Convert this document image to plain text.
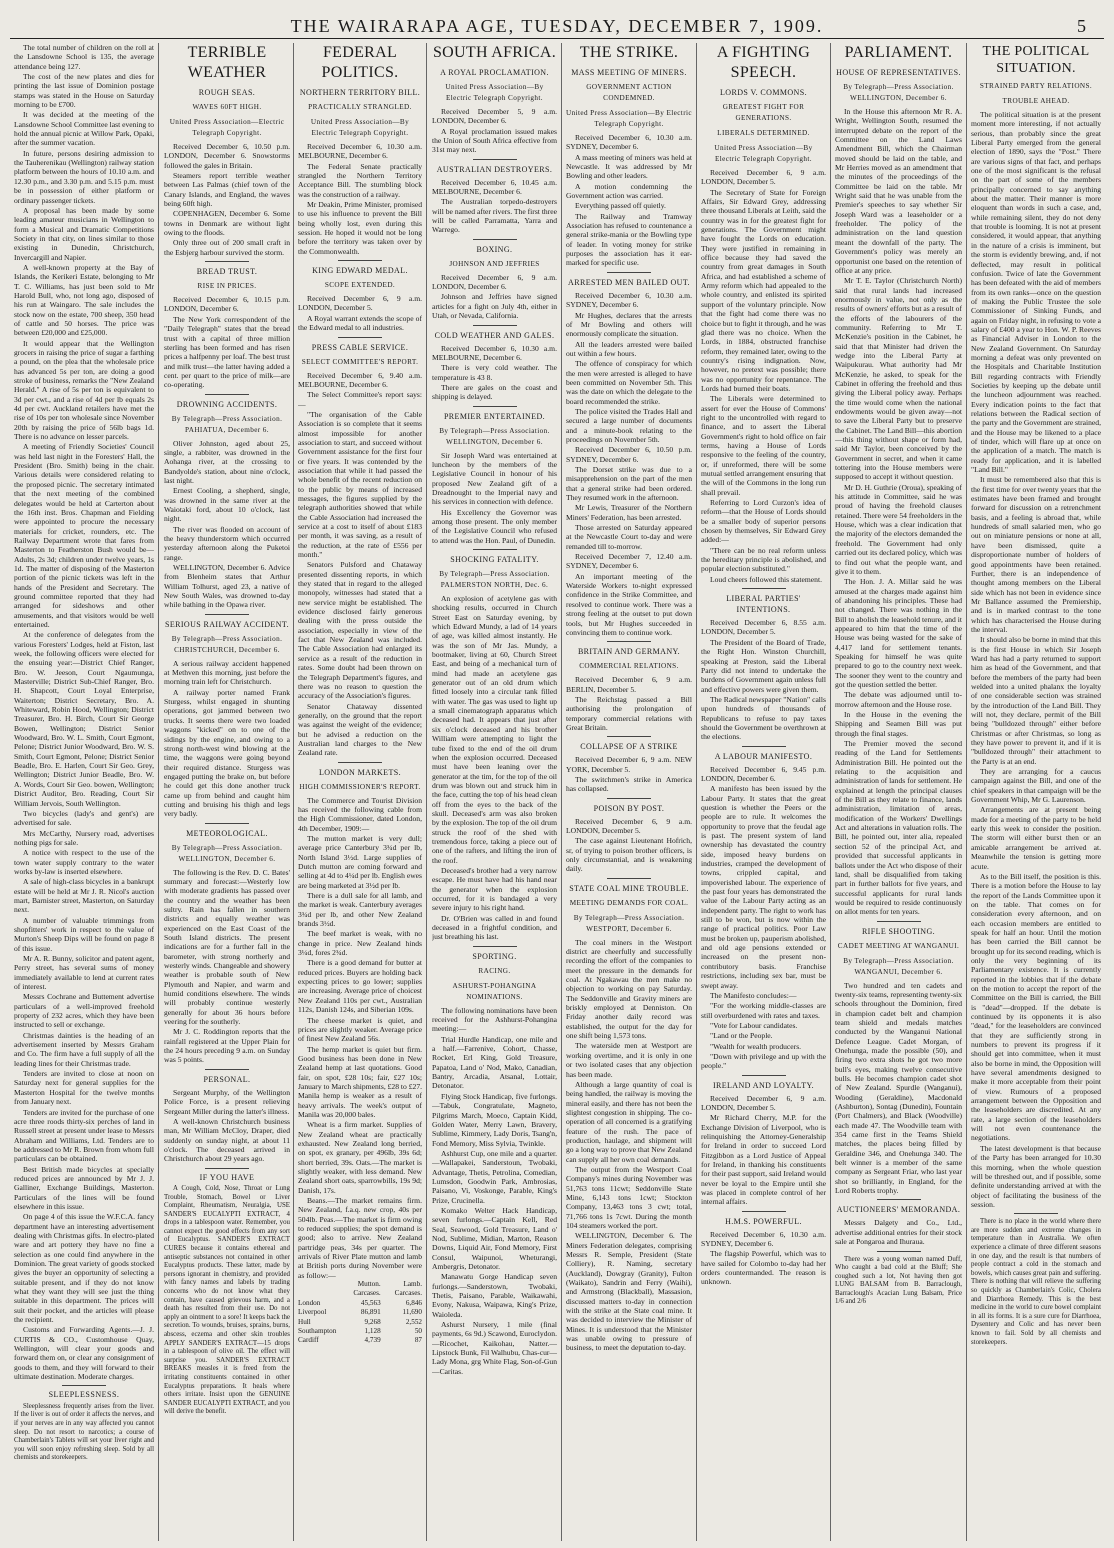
THE WAIRARAPA AGE, TUESDAY, DECEMBER 7, 1909.	5

The total number of children on the roll at the Lansdowne School is 135, the average attendance being 127.

The cost of the new plates and dies for printing the last issue of Dominion postage stamps was stated in the House on Saturday morning to be £700.

It was decided at the meeting of the Lansdowne School Committee last evening to hold the annual picnic at Willow Park, Opaki, after the summer vacation.

In future, persons desiring admission to the Tauherenikau (Wellington) railway station platform between the hours of 10.10 a.m. and 12.30 p.m., and 3.30 p.m. and 5.15 p.m. must be in possession of either platform or ordinary passenger tickets.

A proposal has been made by some leading amateur musicians in Wellington to form a Musical and Dramatic Competitions Society in that city, on lines similar to those existing in Dunedin, Christchurch, Invercargill and Napier.

A well-known property at the Bay of Islands, the Kerikeri Estate, belonging to Mr T. C. Williams, has just been sold to Mr Harold Bull, who, not long ago, disposed of his run at Waingaro. The sale includes the stock now on the estate, 700 sheep, 350 head of cattle and 50 horses. The price was between £20,000 and £25,000.

It would appear that the Wellington grocers in raising the price of sugar a farthing a pound, on the plea that the wholesale price has advanced 5s per ton, are doing a good stroke of business, remarks the "New Zealand Herald." A rise of 5s per ton is equivalent to 3d per cwt., and a rise of 4d per lb equals 2s 4d per cwt. Auckland retailers have met the rise of 10s per ton wholesale since November 20th by raising the price of 56lb bags 1d. There is no advance on lesser parcels.

A meeting of Friendly Societies' Council was held last night in the Foresters' Hall, the President (Bro. Smith) being in the chair. Various details were considered relating to the proposed picnic. The secretary intimated that the next meeting of the combined delegates would be held at Carterton about the 16th inst. Bros. Chapman and Fielding were appointed to procure the necessary materials for cricket, rounders, etc. The Railway Department wrote that fares from Masterton to Featherston Bush would be—Adults, 2s 3d; children under twelve years, 1s 1d. The matter of disposing of the Masterton portion of the picnic tickets was left in the hands of the President and Secretary. The ground committee reported that they had arranged for sideshows and other amusements, and that visitors would be well entertained.

At the conference of delegates from the various Foresters' Lodges, held at Fiston, last week, the following officers were elected for the ensuing year:—District Chief Ranger, Bro. W. Jeeson, Court Ngaumunga, Masterville; District Sub-Chief Ranger, Bro. H. Shapcott, Court Loyal Enterprise, Waiterton; District Secretary, Bro. A. Whiteward, Robin Hood, Wellington; District Treasurer, Bro. H. Birch, Court Sir George Bowen, Wellington; District Senior Woodward, Bro. W. L. Smith, Court Egmont, Pelone; District Junior Woodward, Bro. W. S. Smith, Court Egmont, Pelone; District Senior Beadle, Bro. E. Harlen, Court Sir Geo. Grey, Wellington; District Junior Beadle, Bro. W. A. Words, Court Sir Geo. bowen, Wellington; District Auditor, Bro. Reading, Court Sir William Jervois, South Wellington.

Two bicycles (lady's and gent's) are advertised for sale.

Mrs McCarthy, Nursery road, advertises nothing pigs for sale.

A notice with respect to the use of the town water supply contrary to the water works by-law is inserted elsewhere.

A sale of high-class bicycles in a bankrupt estate will be held at Mr J. R. Nicol's auction mart, Barnister street, Masterton, on Saturday next.

A number of valuable trimmings from shopfitters' work in respect to the value of Murton's Sheep Dips will be found on page 8 of this issue.

Mr A. R. Bunny, solicitor and patent agent, Perry street, has several sums of money immediately available to lend at current rates of interest.

Messrs Cochrane and Buttement advertise particulars of a well-improved freehold property of 232 acres, which they have been instructed to sell or exchange.

Christmas dainties is the heading of an advertisement inserted by Messrs Graham and Co. The firm have a full supply of all the leading lines for their Christmas trade.

Tenders are invited to close at noon on Saturday next for general supplies for the Masterton Hospital for the twelve months from January next.

Tenders are invited for the purchase of one acre three roods thirty-six perches of land in Russell street at present under lease to Messrs Abraham and Williams, Ltd. Tenders are to be addressed to Mr R. Brown from whom full particulars can be obtained.

Best British made bicycles at specially reduced prices are announced by Mr J. J. Galliner, Exchange Buildings, Masterton. Particulars of the lines will be found elsewhere in this issue.

On page 4 of this issue the W.F.C.A. fancy department have an interesting advertisement dealing with Christmas gifts. In electro-plated ware and art pottery they have no fine a selection as one could find anywhere in the Dominion. The great variety of goods stocked gives the buyer an opportunity of selecting a suitable present, and if they do not know what they want they will see just the thing suitable in this department. The prices will suit their pocket, and the articles will please the recipient.

Customs and Forwarding Agents.—J. J. CURTIS & CO., Customhouse Quay, Wellington, will clear your goods and forward them on, or clear any consignment of goods to them, and they will forward to their ultimate destination. Moderate charges.

SLEEPLESSNESS.

Sleeplessness frequently arises from the liver. If the liver is out of order it affects the nerves, and if your nerves are in any way affected you cannot sleep. Do not resort to narcotics; a course of Chamberlain's Tablets will set your liver right and you will soon enjoy refreshing sleep. Sold by all chemists and storekeepers.

TERRIBLE WEATHER
ROUGH SEAS.
WAVES 60FT HIGH.
United Press Association—Electric Telegraph Copyright.

Received December 6, 10.50 p.m. LONDON, December 6. Snowstorms followed the gales in Britain.

Steamers report terrible weather between Las Palmas (chief town of the Canary Islands, and England, the waves being 60ft high.

COPENHAGEN, December 6. Some towns in Denmark are without light owing to the floods.

Only three out of 200 small craft in the Esbjerg harbour survived the storm.

BREAD TRUST.
RISE IN PRICES.

Received December 6, 10.15 p.m. LONDON, December 6.

The New York correspondent of the "Daily Telegraph" states that the bread trust with a capital of three million sterling has been formed and has risen prices a halfpenny per loaf. The best trust and milk trust—the latter having added a cent. per quart to the price of milk—are co-operating.

DROWNING ACCIDENTS.
By Telegraph—Press Association. PAHIATUA, December 6.

Oliver Johnston, aged about 25, single, a rabbiter, was drowned in the Aohanga river, at the crossing to Bandyolde's station, about nine o'clock, last night.

Ernest Cooling, a shepherd, single, was drowned in the same river at the Waiotaki ford, about 10 o'clock, last night.

The river was flooded on account of the heavy thunderstorm which occurred yesterday afternoon along the Puketoi range.

WELLINGTON, December 6. Advice from Blenheim states that Arthur William Tolhurst, aged 23, a native of New South Wales, was drowned to-day while bathing in the Opawa river.

SERIOUS RAILWAY ACCIDENT.
By Telegraph—Press Association. CHRISTCHURCH, December 6.

A serious railway accident happened at Methven this morning, just before the morning train left for Christchurch.

A railway porter named Frank Sturgess, whilst engaged in shunting operations, got jammed between two trucks. It seems there were two loaded waggons "kicked" on to one of the sidings by the engine, and owing to a strong north-west wind blowing at the time, the waggons were going beyond their required distance. Sturgess was engaged putting the brake on, but before he could get this done another truck came up from behind and caught him cutting and bruising his thigh and legs very badly.

METEOROLOGICAL.
By Telegraph—Press Association. WELLINGTON, December 6.

The following is the Rev. D. C. Bates' summary and forecast:—Westerly low with moderate gradients has passed over the country and the weather has been sultry. Rain has fallen in southern districts and equally weather was experienced on the East Coast of the South Island districts. The present indications are for a further fall in the barometer, with strong northerly and westerly winds. Changeable and showery weather is probable south of New Plymouth and Napier, and warm and humid conditions elsewhere. The winds will probably continue westerly generally for about 36 hours before veering for the southerly.

Mr J. C. Roddington reports that the rainfall registered at the Upper Plain for the 24 hours preceding 9 a.m. on Sunday was 5 points.

PERSONAL.

Sergeant Murphy, of the Wellington Police Force, is a present relieving Sergeant Miller during the latter's illness.

A well-known Christchurch business man, Mr William McCloy, Draper, died suddenly on sunday night, at about 11 o'clock. The deceased arrived in Christchurch about 29 years ago.

IF YOU HAVE

A Cough, Cold, Nose, Throat or Lung Trouble, Stomach, Bowel or Liver Complaint, Rheumatism, Neuralgia, USE SANDER'S EUCALYPTI EXTRACT, 4 drops in a tablespoon water. Remember, you cannot expect the good effects from any sort of Eucalyptus. SANDER'S EXTRACT CURES because it contains ethereal and antiseptic substances not contained in other Eucalyptus products. These latter, made by persons ignorant in chemistry, and provided with fancy names and labels by trading concerns who do not know what they contain, have caused grievous harm, and a death has resulted from their use. Do not apply an ointment to a sore! It keeps back the secretion. To wounds, bruises, sprains, burns, abscess, eczema and other skin troubles APPLY SANDER'S EXTRACT—15 drops in a tablespoon of olive oil. The effect will surprise you. SANDER'S EXTRACT BREAKS measles it is freed from the irritating constituents contained in other Eucalyptus preparations. It heals where others irritate. Insist upon the GENUINE SANDER EUCALYPTI EXTRACT, and you will derive the benefit.

FEDERAL POLITICS.
NORTHERN TERRITORY BILL.
PRACTICALLY STRANGLED.
United Press Association—By Electric Telegraph Copyright.

Received December 6, 10.30 a.m. MELBOURNE, December 6.

The Federal Senate practically strangled the Northern Territory Acceptance Bill. The stumbling block was the construction of a railway.

Mr Deakin, Prime Minister, promised to use his influence to prevent the Bill being wholly lost, even during this session. He hoped it would not be long before the territory was taken over by the Commonwealth.

KING EDWARD MEDAL.
SCOPE EXTENDED.

Received December 6, 9 a.m. LONDON, December 5.

A Royal warrant extends the scope of the Edward medal to all industries.

PRESS CABLE SERVICE.
SELECT COMMITTEE'S REPORT.

Received December 6, 9.40 a.m. MELBOURNE, December 6.

The Select Committee's report says:—

"The organisation of the Cable Association is so complete that it seems almost impossible for another association to start, and succeed without Government assistance for the first four or five years. It was contended by the association that while it had passed the whole benefit of the recent reduction on to the public by means of increased messages, the figures supplied by the telegraph authorities showed that while the Cable Association had increased the service at a cost to itself of about £183 per month, it was saving, as a result of the reduction, at the rate of £556 per month."

Senators Pulsford and Chataway presented dissenting reports, in which they stated that in regard to the alleged monopoly, witnesses had stated that a new service might be established. The evidence disclosed fairly generous dealing with the press outside the association, especially in view of the fact that New Zealand was included. The Cable Association had enlarged its service as a result of the reduction in rates. Some doubt had been thrown on the Telegraph Department's figures, and there was no reason to question the accuracy of the Association's figures.

Senator Chataway dissented generally, on the ground that the report was against the weight of the evidence; but he advised a reduction on the Australian land charges to the New Zealand rate.

LONDON MARKETS.
HIGH COMMISSIONER'S REPORT.

The Commerce and Tourist Division has received the following cable from the High Commissioner, dated London, 4th December, 1909:—

The mutton market is very dull; average price Canterbury 3¾d per lb, North Island 3½d. Large supplies of Dutch mutton are coming forward and selling at 4d to 4¼d per lb. English ewes are being marketed at 3½d per lb.

There is a dull sale for all lamb, and the market is weak. Canterbury averages 3¾d per lb, and other New Zealand brands 3½d.

The beef market is weak, with no change in price. New Zealand hinds 3¼d, fores 2¾d.

There is a good demand for butter at reduced prices. Buyers are holding back expecting prices to go lower; supplies are increasing. Average price of choicest New Zealand 110s per cwt., Australian 112s, Danish 124s, and Siberian 109s.

The cheese market is quiet, and prices are slightly weaker. Average price of finest New Zealand 56s.

The hemp market is quiet but firm. Good business has been done in New Zealand hemp at last quotations. Good fair, on spot, £28 10s; fair, £27 10s; January to March shipments, £28 to £27. Manila hemp is weaker as a result of heavy arrivals. The week's output of Manila was 20,000 bales.

Wheat is a firm market. Supplies of New Zealand wheat are practically exhausted. New Zealand long berried, on spot, ex granary, per 496lb, 39s 6d; short berried, 39s. Oats.—The market is slightly weaker, with less demand. New Zealand short oats, sparrowbills, 19s 9d; Danish, 17s.

Beans.—The market remains firm. New Zealand, f.a.q. new crop, 40s per 504lb. Peas.—The market is firm owing to reduced supplies; the spot demand is good; also to arrive. New Zealand partridge peas, 34s per quarter. The arrivals of River Plate mutton and lamb at British ports during November were as follow:—

	Mutton. Carcases.	Lamb. Carcases.
London	45,563	6,846
Liverpool	86,891	11,690
Hull	9,268	2,552
Southampton	1,128	50
Cardiff	4,739	87
SOUTH AFRICA.
A ROYAL PROCLAMATION.
United Press Association—By Electric Telegraph Copyright.

Received December 5, 9 a.m. LONDON, December 6.

A Royal proclamation issued makes the Union of South Africa effective from 31st may next.

AUSTRALIAN DESTROYERS.

Received December 6, 10.45 a.m. MELBOURNE, December 6.

The Australian torpedo-destroyers will be named after rivers. The first three will be called Parramatta, Yarra and Warrego.

BOXING.
JOHNSON AND JEFFRIES

Received December 6, 9 a.m. LONDON, December 6.

Johnson and Jeffries have signed articles for a fight on July 4th, either in Utah, or Nevada, California.

COLD WEATHER AND GALES.

Received December 6, 10.30 a.m. MELBOURNE, December 6.

There is very cold weather. The temperature is 43 8.

There are gales on the coast and shipping is delayed.

PREMIER ENTERTAINED.
By Telegraph—Press Association. WELLINGTON, December 6.

Sir Joseph Ward was entertained at luncheon by the members of the Legislative Council in honour of his proposed New Zealand gift of a Dreadnought to the Imperial navy and his services in connection with defence.

His Excellency the Governor was among those present. The only member of the Legislative Council who refused to attend was the Hon. Paul, of Dunedin.

SHOCKING FATALITY.
By Telegraph—Press Association. PALMERSTON NORTH, Dec. 6.

An explosion of acetylene gas with shocking results, occurred in Church Street East on Saturday evening, by which Edward Mundy, a lad of 14 years of age, was killed almost instantly. He was the son of Mr Jas. Mundy, a bootmaker, living at 60, Church Street East, and being of a mechanical turn of mind had made an acetylene gas generator out of an old drum which fitted loosely into a circular tank filled with water. The gas was used to light up a small cinematograph apparatus which deceased had. It appears that just after six o'clock deceased and his brother William were attempting to light the tube fixed to the end of the oil drum when the explosion occurred. Deceased must have been leaning over the generator at the tim, for the top of the oil drum was blown out and struck him in the face, cutting the top of his head clean off from the eyes to the back of the skull. Deceased's arm was also broken by the explosion. The top of the oil drum struck the roof of the shed with tremendous force, taking a piece out of one of the rafters, and lifting the iron of the roof.

Deceased's brother had a very narrow escape. He must have had his hand near the generator when the explosion occurred, for it is bandaged a very severe injury to his right hand.

Dr. O'Brien was called in and found deceased in a frightful condition, and just breathing his last.

SPORTING.
RACING.
ASHURST-POHANGINA NOMINATIONS.

The following nominations have been received for the Ashhurst-Pohangina meeting:—

Trial Hurdle Handicap, one mile and a half.—Farrenive, Cohort, Chasse, Rocket, Erl King, Gold Treasure, Papatoa, Land o' Nod, Mako, Canadian, Bantry, Arcadia, Atsanal, Lottair, Detonator.

Flying Stock Handicap, five furlongs.—Tabuk, Congratulate, Magneto, Pilgrims March, Moeco, Captain Kidd, Golden Water, Merry Lawn, Bravery, Sublime, Kimmery, Lady Doris, Tsang'n, Fond Memory, Miss Sylvia, Twinkle.

Ashhurst Cup, one mile and a quarter.—Wallapakei, Sanderstoun, Twobaki, Advantage, Thetis, Petrolina, Comedian, Lumsdon, Goodwin Park, Ambrosias, Paisano, Vi, Voskonge, Parable, King's Prize, Crucinella.

Komako Welter Hack Handicap, seven furlongs.—Captain Kell, Red Seal, Seawood, Gold Treasure, Land o' Nod, Sublime, Midian, Marton, Reason Downs, Liquid Air, Fond Memory, First Consul, Waipunoi, Wheturangi, Ambergris, Detonator.

Manawatu Gorge Handicap seven furlongs.—Sanderstown, Twobaki, Thetis, Paisano, Parable, Waikawahi, Evony, Nakusa, Waipawa, King's Prize, Waioleda.

Ashurst Nursery, 1 mile (final payments, 6s 9d.) Scawond, Euroclydon.—Ricochet, Kaikohau, Natter.—Lipstock Bunk, Fil Walhubu, Chas-cur—Lady Mona, grg White Flag, Son-of-Gun—Caritas.

THE STRIKE.
MASS MEETING OF MINERS.
GOVERNMENT ACTION CONDEMNED.
United Press Association—By Electric Telegraph Copyright.

Received December 6, 10.30 a.m. SYDNEY, December 6.

A mass meeting of miners was held at Newcastle. It was addressed by Mr Bowling and other leaders.

A motion condemning the Government action was carried.

Everything passed off quietly.

The Railway and Tramway Association has refused to countenance a general strike-mania or the Bowling type of leader. In voting money for strike purposes the association has it ear-marked for specific use.

ARRESTED MEN BAILED OUT.

Received December 6, 10.30 a.m. SYDNEY, December 6.

Mr Hughes, declares that the arrests of Mr Bowling and others will enormously complicate the situation.

All the leaders arrested were bailed out within a few hours.

The offence of conspiracy for which the men were arrested is alleged to have been committed on November 5th. This was the date on which the delegate to the board recommended the strike.

The police visited the Trades Hall and secured a large number of documents and a minute-book relating to the proceedings on November 5th.

Received December 6, 10.50 p.m. SYDNEY, December 6.

The Dorset strike was due to a misapprehension on the part of the men that a general strike had been ordered. They resumed work in the afternoon.

Mr Lewis, Treasurer of the Northern Miners' Federation, has been arrested.

Those arrested on Saturday appeared at the Newcastle Court to-day and were remanded till to-morrow.

Received December 7, 12.40 a.m. SYDNEY, December 6.

An important meeting of the Waterside Workers to-night expressed confidence in the Strike Committee, and resolved to continue work. There was a strong feeling at the outset to put down tools, but Mr Hughes succeeded in convincing them to continue work.

BRITAIN AND GERMANY.
COMMERCIAL RELATIONS.

Received December 6, 9 a.m. BERLIN, December 5.

The Reichstag passed a Bill authorising the prolongation of temporary commercial relations with Great Britain.

COLLAPSE OF A STRIKE

Received December 6, 9 a.m. NEW YORK, December 5.

The switchmen's strike in America has collapsed.

POISON BY POST.

Received December 6, 9 a.m. LONDON, December 5.

The case against Lieutenant Hofrich, sr, of trying to poison brother officers, is only circumstantial, and is weakening daily.

STATE COAL MINE TROUBLE.
MEETING DEMANDS FOR COAL.
By Telegraph—Press Association. WESTPORT, December 6.

The coal miners in the Westport district are cheerfully and successfully recording the effort of the companies to meet the pressure in the demands for coal. At Ngakawau the men make no objection to working on pay Saturday. The Seddonville and Gravity miners are briskly employed at Denniston. On Friday another daily record was established, the output for the day for one shift being 1,573 tons.

The waterside men at Westport are working overtime, and it is only in one or two isolated cases that any objection has been made.

Although a large quantity of coal is being handled, the railway is moving the mineral easily, and there has not been the slightest congestion in shipping. The co-operation of all concerned is a gratifying feature of the rush. The pace of production, haulage, and shipment will go a long way to prove that New Zealand can supply all her own coal demands.

The output from the Westport Coal Company's mines during November was 51,763 tons 11cwt; Seddonville State Mine, 6,143 tons 1cwt; Stockton Company, 13,463 tons 3 cwt; total, 71,766 tons 1s 7cwt. During the month 104 steamers worked the port.

WELLINGTON, December 6. The Miners Federation delegates, comprising Messrs R. Semple, President (State Colliery), R. Naming, secretary (Auckland), Dowgray (Granity), Fulton (Waikato), Sandrin and Ferry (Waihi), and Armstrong (Blackball), Massasion, discussed matters to-day in connection with the strike at the State coal mine. It was decided to interview the Minister of Mines. It is understood that the Minister was unable owing to pressure of business, to meet the deputation to-day.

A FIGHTING SPEECH.
LORDS V. COMMONS.
GREATEST FIGHT FOR GENERATIONS.
LIBERALS DETERMINED.
United Press Association—By Electric Telegraph Copyright.

Received December 6, 9 a.m. LONDON, December 5.

The Secretary of State for Foreign Affairs, Sir Edward Grey, addressing three thousand Liberals at Leith, said the country was in for the greatest fight for generations. The Government might have fought the Lords on education. They were justified in remaining in office because they had saved the country from great damages in South Africa, and had established a scheme of Army reform which had appealed to the whole country, and enlisted its spirited support of the voluntary principle. Now that the fight had come there was no choice but to fight it through, and he was glad there was no choice. When the Lords, in 1884, obstructed franchise reform, they remained later, owing to the country's rising indignation. Now, however, no pretext was possible; there was no opportunity for repentance. The Lords had burned their boats.

The Liberals were determined to assert for ever the House of Commons' right to the uncontrolled with regard to finance, and to assert the Liberal Government's right to hold office on fair terms, having a House of Lords responsive to the feeling of the country, or, if unreformed, there will be some mutual settled arrangement ensuring that the will of the Commons in the long run shall prevail.

Referring to Lord Curzon's idea of reform—that the House of Lords should be a smaller body of superior persons chosen by themselves, Sir Edward Grey added:—

"There can be no real reform unless the hereditary principle is abolished, and popular election substituted."

Loud cheers followed this statement.

LIBERAL PARTIES' INTENTIONS.

Received December 6, 8.55 a.m. LONDON, December 5.

The President of the Board of Trade, the Right Hon. Winston Churchill, speaking at Preston, said the Liberal Party did not intend to undertake the burdens of Government again unless full and effective powers were given them.

The Radical newspaper "Nation" calls upon hundreds of thousands of Republicans to refuse to pay taxes should the Government be overthrown at the elections.

A LABOUR MANIFESTO.

Received December 6, 9.45 p.m. LONDON, December 6.

A manifesto has been issued by the Labour Party. It states that the great question is whether the Peers or the people are to rule. It welcomes the opportunity to prove that the feudal age is past. The present system of land ownership has devastated the country side, imposed heavy burdens on industries, cramped the development of towns, crippled capital, and impoverished labour. The experience of the past four years has demonstrated the value of the Labour Party acting as an independent party. The right to work has still to be won, but is now within the range of practical politics. Poor Law must be broken up, pauperism abolished, and old age pensions extended or increased on the present non-contributory basis. Franchise restrictions, including sex bar, must be swept away.

The Manifesto concludes:—

"For the working middle-classes are still overburdened with rates and taxes.

"Vote for Labour candidates.

"Land or the People.

"Wealth for wealth producers.

"Down with privilege and up with the people."

IRELAND AND LOYALTY.

Received December 6, 9 a.m. LONDON, December 5.

Mr Richard Cherry, M.P. for the Exchange Division of Liverpool, who is relinquishing the Attorney-Generalship for Ireland in order to succeed Lord Fitzgibbon as a Lord Justice of Appeal for Ireland, in thanking his constituents for their past support, said Ireland would never be loyal to the Empire until she was placed in complete control of her internal affairs.

H.M.S. POWERFUL.

Received December 6, 10.30 a.m. SYDNEY, December 6.

The flagship Powerful, which was to have sailed for Colombo to-day had her orders countermanded. The reason is unknown.

PARLIAMENT.
HOUSE OF REPRESENTATIVES.
By Telegraph—Press Association. WELLINGTON, December 6.

In the House this afternoon Mr R. A. Wright, Wellington South, resumed the interrupted debate on the report of the Committee on the Land Laws Amendment Bill, which the Chairman moved should be laid on the table, and Mr Herries moved as an amendment that the minutes of the proceedings of the Committee be laid on the table. Mr Wright said that he was unable from the Premier's speeches to say whether Sir Joseph Ward was a leaseholder or a freeholder. The policy of the administration on the land question meant the downfall of the party. The Government's policy was merely an opportunist one based on the retention of office at any price.

Mr T. E. Taylor (Christchurch North) said that rural lands had increased enormously in value, not only as the results of owners' efforts but as a result of the efforts of the labourers of the community. Referring to Mr T. McKenzie's position in the Cabinet, he said that that Minister had driven the wedge into the Liberal Party at Waipukurau. What authority had Mr McKenzie, he asked, to speak for the Cabinet in offering the freehold and thus giving the Liberal policy away. Perhaps the time would come when the national endowments would be given away—not to save the Liberal Party but to preserve the Cabinet. The Land Bill—this abortion—this thing without shape or form had, said Mr Taylor, been conceived by the Government in secret, and when it came tottering into the House members were supposed to accept it without question.

Mr D. H. Guthrie (Oroua), speaking of his attitude in Committee, said he was proud of having the freehold clauses retained. There were 54 freeholders in the House, which was a clear indication that the majority of the electors demanded the freehold. The Government had only carried out its declared policy, which was to find out what the people want, and give it to them.

The Hon. J. A. Millar said he was amused at the charges made against him of abandoning his principles. These had not changed. There was nothing in the Bill to abolish the leasehold tenure, and it appeared to him that the time of the House was being wasted for the sake of 4,417 land for settlement tenants. Speaking for himself he was quite prepared to go to the country next week. The sooner they went to the country and got the question settled the better.

The debate was adjourned until to-morrow afternoon and the House rose.

In the House in the evening the Shipping and Seamen Bill was put through the final stages.

The Premier moved the second reading of the Land for Settlements Administration Bill. He pointed out the relating to the acquisition and administration of lands for settlement. He explained at length the principal clauses of the Bill as they relate to finance, lands administration, limitation of areas, modification of the Workers' Dwellings Act and alterations in valuation rolls. The Bill, he pointed out, inter alia, repealed section 52 of the principal Act, and provided that successful applicants in ballots under the Act who dispose of their land, shall be disqualified from taking part in further ballots for five years, and successful applicants for rural lands would be required to reside continuously on allot ments for ten years.

RIFLE SHOOTING.
CADET MEETING AT WANGANUI.
By Telegraph—Press Association. WANGANUI, December 6.

Two hundred and ten cadets and twenty-six teams, representing twenty-six schools throughout the Dominion, fired in champion cadet belt and champion team shield and medals matches conducted by the Wanganui National Defence League. Cadet Morgan, of Onehunga, made the possible (50), and firing two extra shots he got two more bull's eyes, making twelve consecutive bulls. He becomes champion cadet shot of New Zealand. Spurdle (Wanganui), Wooding (Geraldine), Macdonald (Ashburton), Sontag (Dunedin), Fountain (Port Chalmers), and Black (Woodville) each made 47. The Woodville team with 354 came first in the Teams Shield matches, the places being filled by Geraldine 346, and Onehunga 340. The belt winner is a member of the same company as Sergeant Friar, who last year shot so brilliantly, in England, for the Lord Roberts trophy.

AUCTIONEERS' MEMORANDA.

Messrs Dalgety and Co., Ltd., advertise additional entries for their stock sale at Pongaroa and Ihuraua.

There was a young woman named Duff, Who caught a bad cold at the Bluff; She coughed such a lot, Not having then got LUNG BALSAM from B. Barraclough, Barraclough's Acacian Lung Balsam, Price 1/6 and 2/6

THE POLITICAL SITUATION.
STRAINED PARTY RELATIONS.
TROUBLE AHEAD.

The political situation is at the present moment more interesting, if not actually serious, than probably since the great Liberal Party emerged from the general election of 1890, says the "Post." There are various signs of that fact, and perhaps one of the most significant is the refusal on the part of some of the members principally concerned to say anything about the matter. Their manner is more eloquent than words in such a case, and, while remaining silent, they do not deny that trouble is looming. It is not at present considered, it would appear, that anything in the nature of a crisis is imminent, but the storm is evidently brewing, and, if not deflected, may result in political confusion. Twice of late the Government has been defeated with the aid of members from its own ranks—once on the question of making the Public Trustee the sole Commissioner of Sinking Funds, and again on Friday night, in refusing to vote a salary of £400 a year to Hon. W. P. Reeves as Financial Adviser in London to the New Zealand Government. On Saturday morning a defeat was only prevented on the Hospitals and Charitable Institution Bill regarding contracts with Friendly Societies by keeping up the debate until the luncheon adjournment was reached. Every indication points to the fact that relations between the Radical section of the party and the Government are strained, and the House may be likened to a place of tinder, which will flare up at once on the application of a match. The match is ready for application, and it is labelled "Land Bill."

It must be remembered also that this is the first time for over twenty years that the estimates have been framed and brought forward for discussion on a retrenchment basis, and a feeling is abroad that, while hundreds of small salaried men, who go out on miniature pensions or none at all, have been dismissed, quite a disproportionate number of holders of good appointments have been retained. Further, there is an independence of thought among members on the Liberal side which has not been in evidence since Mr Ballance assumed the Premiership, and is in marked contrast to the tone which has characterised the House during the interval.

It should also be borne in mind that this is the first House in which Sir Joseph Ward has had a party returned to support him as head of the Government, and that before the members of the party had been welded into a united phalanx the loyalty of one considerable section was strained by the introduction of the Land Bill. They will not, they declare, permit of the Bill being "bulldozed through" either before Christmas or after Christmas, so long as they have power to prevent it, and if it is "bulldozed through" their attachment to the Party is at an end.

They are arranging for a caucus campaign against the Bill, and one of the chief speakers in that campaign will be the Government Whip, Mr G. Laurenson.

Arrangements are at present being made for a meeting of the party to be held early this week to consider the position. The storm will either burst then or an amicable arrangement be arrived at. Meanwhile the tension is getting more acute.

As to the Bill itself, the position is this. There is a motion before the House to lay the report of the Lands Committee upon it on the table. That comes on for consideration every afternoon, and on each occasion members are entitled to speak for half an hour. Until the motion has been carried the Bill cannot be brought up for its second reading, which is only the very beginning of its Parliamentary existence. It is currently reported in the lobbies that if the debate on the motion to accept the report of the Committee on the Bill is carried, the Bill is "dead"—dropped. If the debate is continued by its opponents it is also "dead," for the leaseholders are convinced that they are sufficiently strong in numbers to prevent its progress if it should get into committee, when it must also be borne in mind, the Opposition will have several amendments designed to make it more acceptable from their point of view. Rumours of a proposed arrangement between the Opposition and the leaseholders are discredited. At any rate, a large section of the leaseholders will not even countenance the negotiations.

The latest development is that because of the Party has been arranged for 10.30 this morning, when the whole question will be threshed out, and if possible, some definite understanding arrived at with the object of facilitating the business of the session.

There is no place in the world where there are more sudden and extreme changes in temperature than in Australia. We often experience a climate of three different seasons in one day, and the result is that numbers of people contract a cold in the stomach and bowels, which causes great pain and suffering. There is nothing that will relieve the suffering so quickly as Chamberlain's Colic, Cholera and Diarrhoea Remedy. This is the best medicine in the world to cure bowel complaint in all its forms. It is a sure cure for Diarrhoea, Dysentery and Colic and has never been known to fail. Sold by all chemists and storekeepers.
